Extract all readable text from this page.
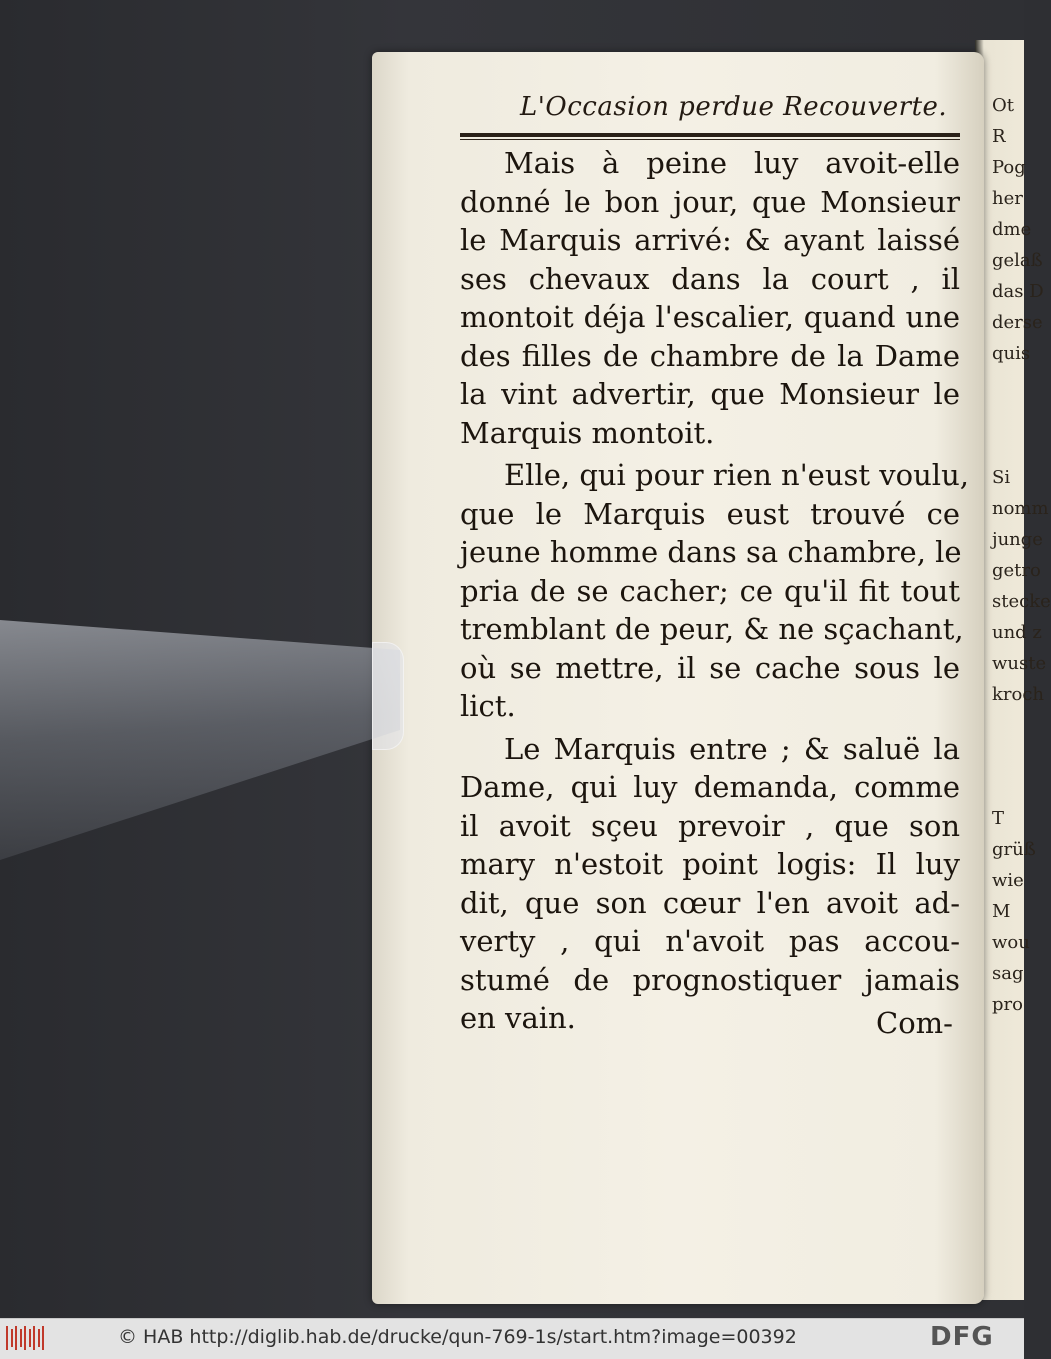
Ot
R
Pog
her
dme
gelaß
das D
derse
quis

Si
nomm
junge
getro
stecke
und z
wuste
kroch

T
grüß
wie
M
wou
sag
pro
L'Occasion perdue Recouverte.
Mais à peine luy avoit-elle
donné le bon jour, que Monsieur
le Marquis arrivé: & ayant laissé
ses chevaux dans la court , il
montoit déja l'escalier, quand une
des filles de chambre de la Dame
la vint advertir, que Monsieur le
Marquis montoit.
Elle, qui pour rien n'eust voulu,
que le Marquis eust trouvé ce
jeune homme dans sa chambre, le
pria de se cacher; ce qu'il fit tout
tremblant de peur, & ne sçachant,
où se mettre, il se cache sous le
lict.
Le Marquis entre ; & saluë la
Dame, qui luy demanda, comme
il avoit sçeu prevoir , que son
mary n'estoit point logis: Il luy
dit, que son cœur l'en avoit ad-
verty , qui n'avoit pas accou-
stumé de prognostiquer jamais
en vain.	Com-
© HAB http://diglib.hab.de/drucke/qun-769-1s/start.htm?image=00392	DFG
